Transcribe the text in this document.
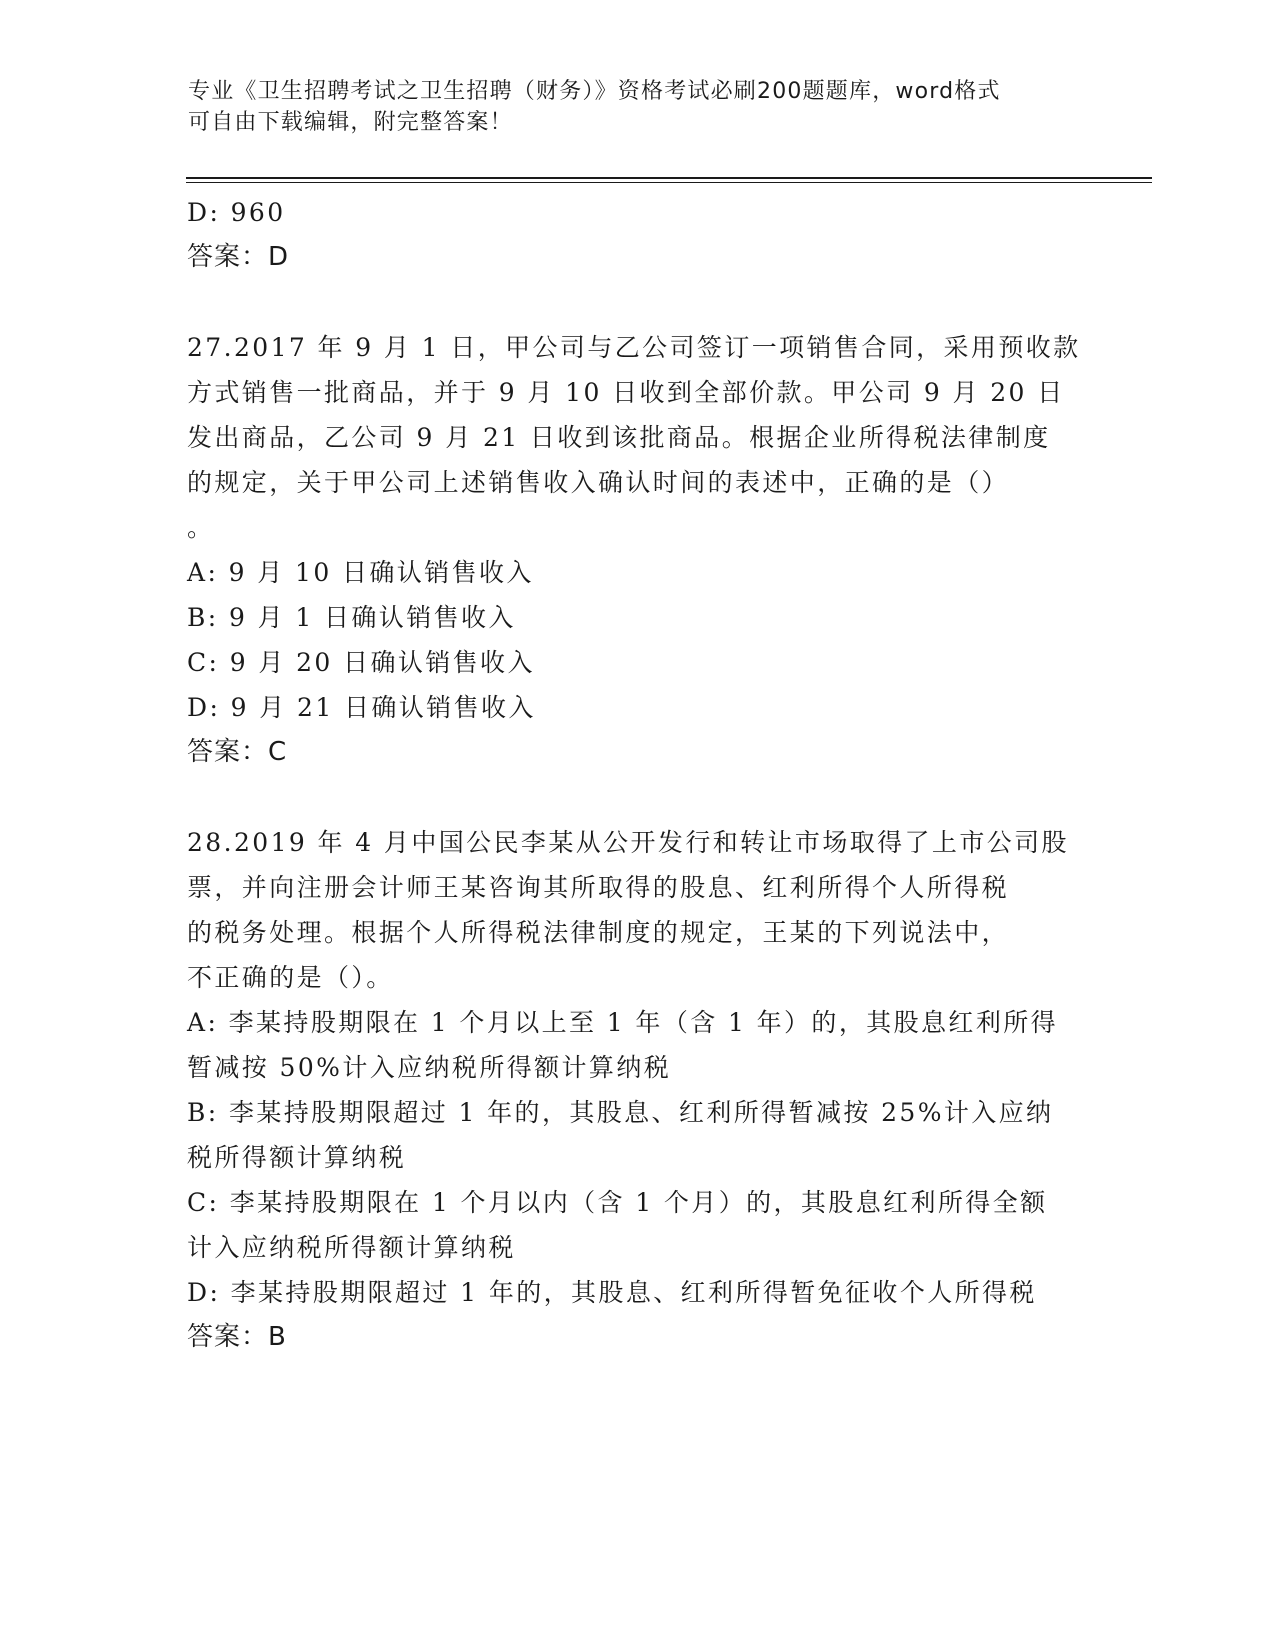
专业《卫生招聘考试之卫生招聘（财务）》资格考试必刷200题题库，word格式
可自由下载编辑，附完整答案！

D: 960

答案：D

27.2017 年 9 月 1 日，甲公司与乙公司签订一项销售合同，采用预收款

方式销售一批商品，并于 9 月 10 日收到全部价款。甲公司 9 月 20 日

发出商品，乙公司 9 月 21 日收到该批商品。根据企业所得税法律制度

的规定，关于甲公司上述销售收入确认时间的表述中，正确的是（）

。

A: 9 月 10 日确认销售收入

B: 9 月 1 日确认销售收入

C: 9 月 20 日确认销售收入

D: 9 月 21 日确认销售收入

答案：C

28.2019 年 4 月中国公民李某从公开发行和转让市场取得了上市公司股

票，并向注册会计师王某咨询其所取得的股息、红利所得个人所得税

的税务处理。根据个人所得税法律制度的规定，王某的下列说法中，

不正确的是（）。

A: 李某持股期限在 1 个月以上至 1 年（含 1 年）的，其股息红利所得

暂减按 50%计入应纳税所得额计算纳税

B: 李某持股期限超过 1 年的，其股息、红利所得暂减按 25%计入应纳

税所得额计算纳税

C: 李某持股期限在 1 个月以内（含 1 个月）的，其股息红利所得全额

计入应纳税所得额计算纳税

D: 李某持股期限超过 1 年的，其股息、红利所得暂免征收个人所得税

答案：B
